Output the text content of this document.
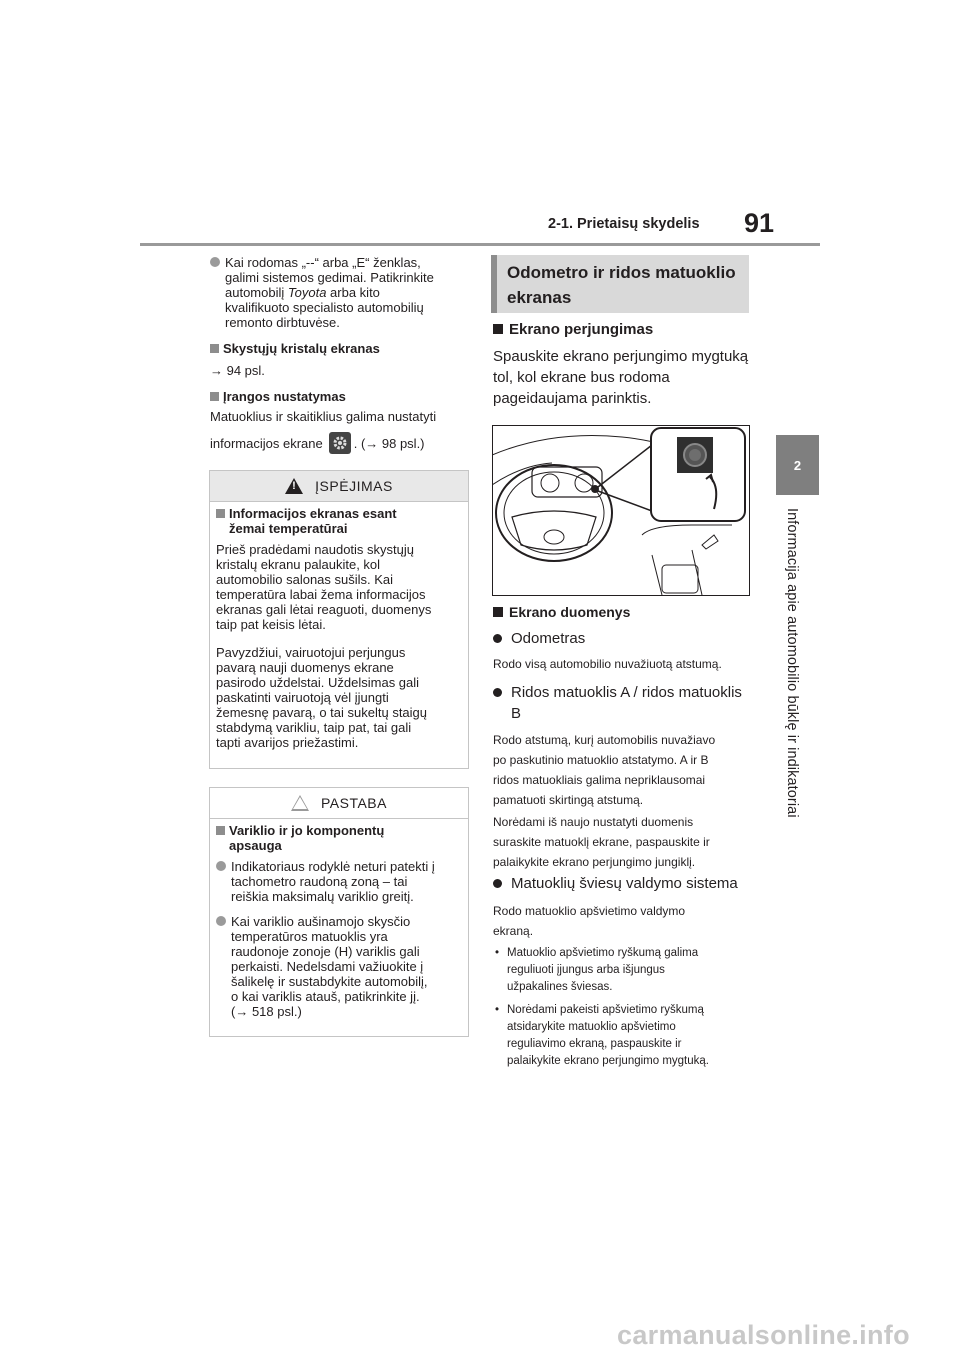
2-1. Prietaisų skydelis 91
2
Informacija apie automobilio būklę ir indikatoriai

Kai rodomas „--“ arba „E“ ženklas,

galimi sistemos gedimai. Patikrinkite

automobilį Toyota arba kito

kvalifikuoto specialisto automobilių

remonto dirbtuvėse.

Skystųjų kristalų ekranas

→ 94 psl.

Įrangos nustatymas

Matuoklius ir skaitiklius galima nustatyti

informacijos ekrane . (→ 98 psl.)

!
ĮSPĖJIMAS

Informacijos ekranas esant

žemai temperatūrai

Prieš pradėdami naudotis skystųjų

kristalų ekranu palaukite, kol

automobilio salonas sušils. Kai

temperatūra labai žema informacijos

ekranas gali lėtai reaguoti, duomenys

taip pat keisis lėtai.

Pavyzdžiui, vairuotojui perjungus

pavarą nauji duomenys ekrane

pasirodo uždelstai. Uždelsimas gali

paskatinti vairuotoją vėl įjungti

žemesnę pavarą, o tai sukeltų staigų

stabdymą varikliu, taip pat, tai gali

tapti avarijos priežastimi.

PASTABA

Variklio ir jo komponentų

apsauga

Indikatoriaus rodyklė neturi patekti į

tachometro raudoną zoną – tai

reiškia maksimalų variklio greitį.

Kai variklio aušinamojo skysčio

temperatūros matuoklis yra

raudonoje zonoje (H) variklis gali

perkaisti. Nedelsdami važiuokite į

šalikelę ir sustabdykite automobilį,

o kai variklis atauš, patikrinkite jį.

(→ 518 psl.)

Odometro ir ridos matuoklio

ekranas

Ekrano perjungimas

Spauskite ekrano perjungimo mygtuką

tol, kol ekrane bus rodoma

pageidaujama parinktis.

Ekrano duomenys

Odometras

Rodo visą automobilio nuvažiuotą atstumą.

Ridos matuoklis A / ridos matuoklis

B

Rodo atstumą, kurį automobilis nuvažiavo

po paskutinio matuoklio atstatymo. A ir B

ridos matuokliais galima nepriklausomai

pamatuoti skirtingą atstumą.

Norėdami iš naujo nustatyti duomenis

suraskite matuoklį ekrane, paspauskite ir

palaikykite ekrano perjungimo jungiklį.

Matuoklių šviesų valdymo sistema

Rodo matuoklio apšvietimo valdymo

ekraną.

• Matuoklio apšvietimo ryškumą galima

reguliuoti įjungus arba išjungus

užpakalines šviesas.

• Norėdami pakeisti apšvietimo ryškumą

atsidarykite matuoklio apšvietimo

reguliavimo ekraną, paspauskite ir

palaikykite ekrano perjungimo mygtuką.

carmanualsonline.info
